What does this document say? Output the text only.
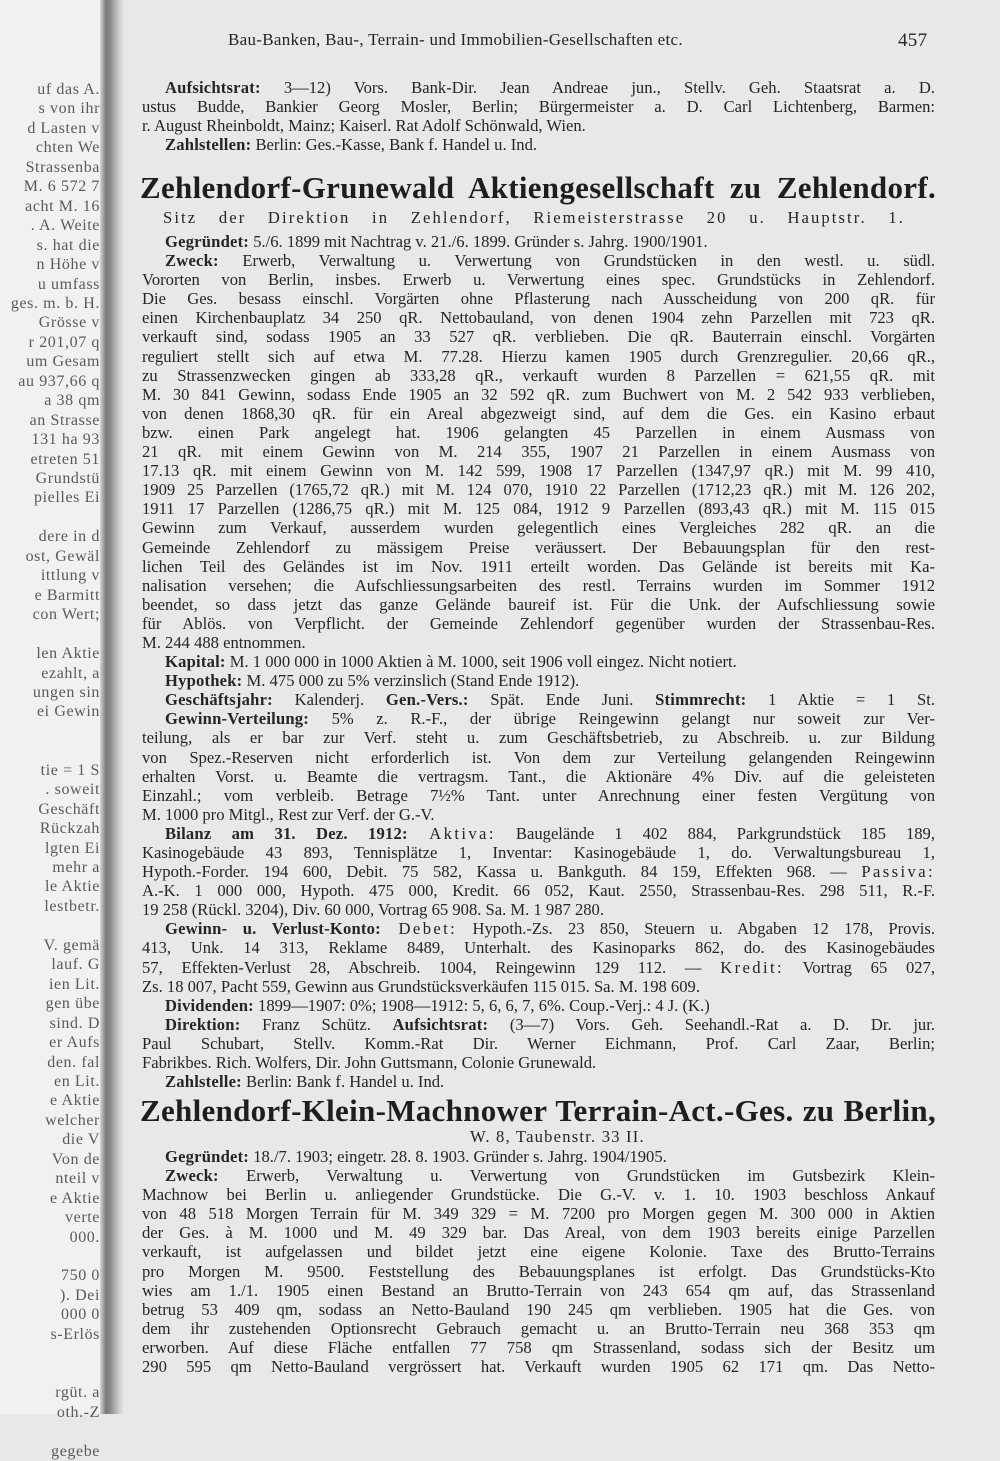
uf das A.
s von ihr
d Lasten v
chten We
Strassenba
M. 6 572 7
acht M. 16
. A. Weite
s. hat die
n Höhe v
u umfass
ges. m. b. H.
Grösse v
r 201,07 q
um Gesam
au 937,66 q
a 38 qm
an Strasse
131 ha 93
etreten 51
Grundstü
pielles Ei
dere in d
ost, Gewäl
ittlung v
e Barmitt
con Wert;
len Aktie
ezahlt, a
ungen sin
ei Gewin
tie = 1 S
. soweit
Geschäft
Rückzah
lgten Ei
mehr a
le Aktie
lestbetr.
V. gemä
lauf. G
ien Lit.
gen übe
sind. D
er Aufs
den. fal
en Lit.
e Aktie
welcher
die V
Von de
nteil v
e Aktie
verte
000.
750 0
). Dei
000 0
s-Erlös
rgüt. a
oth.-Z
gegebe
Bau-Banken, Bau-, Terrain- und Immobilien-Gesellschaften etc.	457
Aufsichtsrat: 3—12) Vors. Bank-Dir. Jean Andreae jun., Stellv. Geh. Staatsrat a. D.
ustus Budde, Bankier Georg Mosler, Berlin; Bürgermeister a. D. Carl Lichtenberg, Barmen:
r. August Rheinboldt, Mainz; Kaiserl. Rat Adolf Schönwald, Wien.
Zahlstellen: Berlin: Ges.-Kasse, Bank f. Handel u. Ind.
Zehlendorf-Grunewald Aktiengesellschaft zu Zehlendorf.
Sitz der Direktion in Zehlendorf, Riemeisterstrasse 20 u. Hauptstr. 1.
Gegründet: 5./6. 1899 mit Nachtrag v. 21./6. 1899. Gründer s. Jahrg. 1900/1901.
Zweck: Erwerb, Verwaltung u. Verwertung von Grundstücken in den westl. u. südl.
Vororten von Berlin, insbes. Erwerb u. Verwertung eines spec. Grundstücks in Zehlendorf.
Die Ges. besass einschl. Vorgärten ohne Pflasterung nach Ausscheidung von 200 qR. für
einen Kirchenbauplatz 34 250 qR. Nettobauland, von denen 1904 zehn Parzellen mit 723 qR.
verkauft sind, sodass 1905 an 33 527 qR. verblieben. Die qR. Bauterrain einschl. Vorgärten
reguliert stellt sich auf etwa M. 77.28. Hierzu kamen 1905 durch Grenzregulier. 20,66 qR.,
zu Strassenzwecken gingen ab 333,28 qR., verkauft wurden 8 Parzellen = 621,55 qR. mit
M. 30 841 Gewinn, sodass Ende 1905 an 32 592 qR. zum Buchwert von M. 2 542 933 verblieben,
von denen 1868,30 qR. für ein Areal abgezweigt sind, auf dem die Ges. ein Kasino erbaut
bzw. einen Park angelegt hat. 1906 gelangten 45 Parzellen in einem Ausmass von
21 qR. mit einem Gewinn von M. 214 355, 1907 21 Parzellen in einem Ausmass von
17.13 qR. mit einem Gewinn von M. 142 599, 1908 17 Parzellen (1347,97 qR.) mit M. 99 410,
1909 25 Parzellen (1765,72 qR.) mit M. 124 070, 1910 22 Parzellen (1712,23 qR.) mit M. 126 202,
1911 17 Parzellen (1286,75 qR.) mit M. 125 084, 1912 9 Parzellen (893,43 qR.) mit M. 115 015
Gewinn zum Verkauf, ausserdem wurden gelegentlich eines Vergleiches 282 qR. an die
Gemeinde Zehlendorf zu mässigem Preise veräussert. Der Bebauungsplan für den rest-
lichen Teil des Geländes ist im Nov. 1911 erteilt worden. Das Gelände ist bereits mit Ka-
nalisation versehen; die Aufschliessungsarbeiten des restl. Terrains wurden im Sommer 1912
beendet, so dass jetzt das ganze Gelände baureif ist. Für die Unk. der Aufschliessung sowie
für Ablös. von Verpflicht. der Gemeinde Zehlendorf gegenüber wurden der Strassenbau-Res.
M. 244 488 entnommen.
Kapital: M. 1 000 000 in 1000 Aktien à M. 1000, seit 1906 voll eingez. Nicht notiert.
Hypothek: M. 475 000 zu 5% verzinslich (Stand Ende 1912).
Geschäftsjahr: Kalenderj. Gen.-Vers.: Spät. Ende Juni. Stimmrecht: 1 Aktie = 1 St.
Gewinn-Verteilung: 5% z. R.-F., der übrige Reingewinn gelangt nur soweit zur Ver-
teilung, als er bar zur Verf. steht u. zum Geschäftsbetrieb, zu Abschreib. u. zur Bildung
von Spez.-Reserven nicht erforderlich ist. Von dem zur Verteilung gelangenden Reingewinn
erhalten Vorst. u. Beamte die vertragsm. Tant., die Aktionäre 4% Div. auf die geleisteten
Einzahl.; vom verbleib. Betrage 7½% Tant. unter Anrechnung einer festen Vergütung von
M. 1000 pro Mitgl., Rest zur Verf. der G.-V.
Bilanz am 31. Dez. 1912: Aktiva: Baugelände 1 402 884, Parkgrundstück 185 189,
Kasinogebäude 43 893, Tennisplätze 1, Inventar: Kasinogebäude 1, do. Verwaltungsbureau 1,
Hypoth.-Forder. 194 600, Debit. 75 582, Kassa u. Bankguth. 84 159, Effekten 968. — Passiva:
A.-K. 1 000 000, Hypoth. 475 000, Kredit. 66 052, Kaut. 2550, Strassenbau-Res. 298 511, R.-F.
19 258 (Rückl. 3204), Div. 60 000, Vortrag 65 908. Sa. M. 1 987 280.
Gewinn- u. Verlust-Konto: Debet: Hypoth.-Zs. 23 850, Steuern u. Abgaben 12 178, Provis.
413, Unk. 14 313, Reklame 8489, Unterhalt. des Kasinoparks 862, do. des Kasinogebäudes
57, Effekten-Verlust 28, Abschreib. 1004, Reingewinn 129 112. — Kredit: Vortrag 65 027,
Zs. 18 007, Pacht 559, Gewinn aus Grundstücksverkäufen 115 015. Sa. M. 198 609.
Dividenden: 1899—1907: 0%; 1908—1912: 5, 6, 6, 7, 6%. Coup.-Verj.: 4 J. (K.)
Direktion: Franz Schütz. Aufsichtsrat: (3—7) Vors. Geh. Seehandl.-Rat a. D. Dr. jur.
Paul Schubart, Stellv. Komm.-Rat Dir. Werner Eichmann, Prof. Carl Zaar, Berlin;
Fabrikbes. Rich. Wolfers, Dir. John Guttsmann, Colonie Grunewald.
Zahlstelle: Berlin: Bank f. Handel u. Ind.
Zehlendorf-Klein-Machnower Terrain-Act.-Ges. zu Berlin,
W. 8, Taubenstr. 33 II.
Gegründet: 18./7. 1903; eingetr. 28. 8. 1903. Gründer s. Jahrg. 1904/1905.
Zweck: Erwerb, Verwaltung u. Verwertung von Grundstücken im Gutsbezirk Klein-
Machnow bei Berlin u. anliegender Grundstücke. Die G.-V. v. 1. 10. 1903 beschloss Ankauf
von 48 518 Morgen Terrain für M. 349 329 = M. 7200 pro Morgen gegen M. 300 000 in Aktien
der Ges. à M. 1000 und M. 49 329 bar. Das Areal, von dem 1903 bereits einige Parzellen
verkauft, ist aufgelassen und bildet jetzt eine eigene Kolonie. Taxe des Brutto-Terrains
pro Morgen M. 9500. Feststellung des Bebauungsplanes ist erfolgt. Das Grundstücks-Kto
wies am 1./1. 1905 einen Bestand an Brutto-Terrain von 243 654 qm auf, das Strassenland
betrug 53 409 qm, sodass an Netto-Bauland 190 245 qm verblieben. 1905 hat die Ges. von
dem ihr zustehenden Optionsrecht Gebrauch gemacht u. an Brutto-Terrain neu 368 353 qm
erworben. Auf diese Fläche entfallen 77 758 qm Strassenland, sodass sich der Besitz um
290 595 qm Netto-Bauland vergrössert hat. Verkauft wurden 1905 62 171 qm. Das Netto-
